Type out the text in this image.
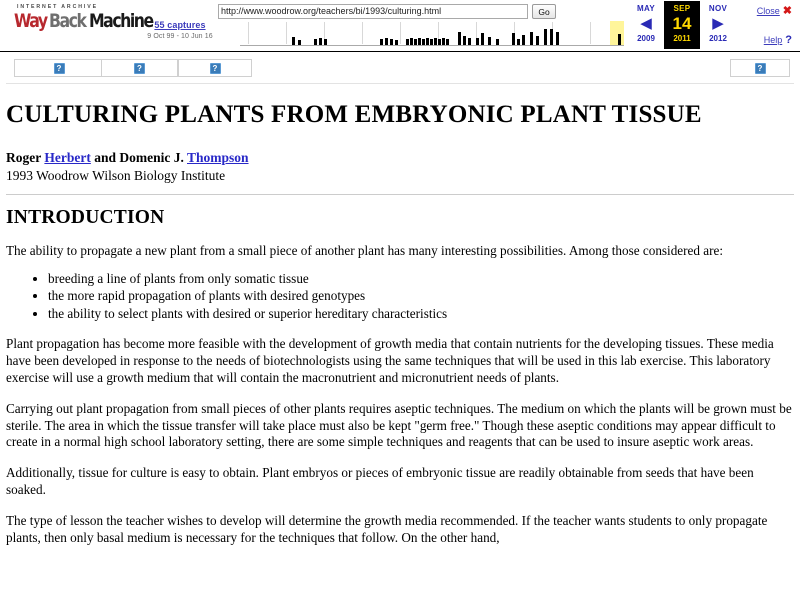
INTERNET ARCHIVE
Way Back Machine 55 captures
9 Oct 99 - 10 Jun 16
http://www.woodrow.org/teachers/bi/1993/culturing.html
Go	MAY
◀
2009
SEP
14
2011
NOV
▶
2012
Close ✖
Help ?
?	?	?	?
CULTURING PLANTS FROM EMBRYONIC PLANT TISSUE
Roger Herbert and Domenic J. Thompson
1993 Woodrow Wilson Biology Institute
INTRODUCTION

The ability to propagate a new plant from a small piece of another plant has many interesting possibilities. Among those considered are:

• breeding a line of plants from only somatic tissue
• the more rapid propagation of plants with desired genotypes
• the ability to select plants with desired or superior hereditary characteristics

Plant propagation has become more feasible with the development of growth media that contain nutrients for the developing tissues. These media have been developed in response to the needs of biotechnologists using the same techniques that will be used in this lab exercise. This laboratory exercise will use a growth medium that will contain the macronutrient and micronutrient needs of plants.

Carrying out plant propagation from small pieces of other plants requires aseptic techniques. The medium on which the plants will be grown must be sterile. The area in which the tissue transfer will take place must also be kept "germ free." Though these aseptic conditions may appear difficult to create in a normal high school laboratory setting, there are some simple techniques and reagents that can be used to insure aseptic work areas.

Additionally, tissue for culture is easy to obtain. Plant embryos or pieces of embryonic tissue are readily obtainable from seeds that have been soaked.

The type of lesson the teacher wishes to develop will determine the growth media recommended. If the teacher wants students to only propagate plants, then only basal medium is necessary for the techniques that follow. On the other hand,
